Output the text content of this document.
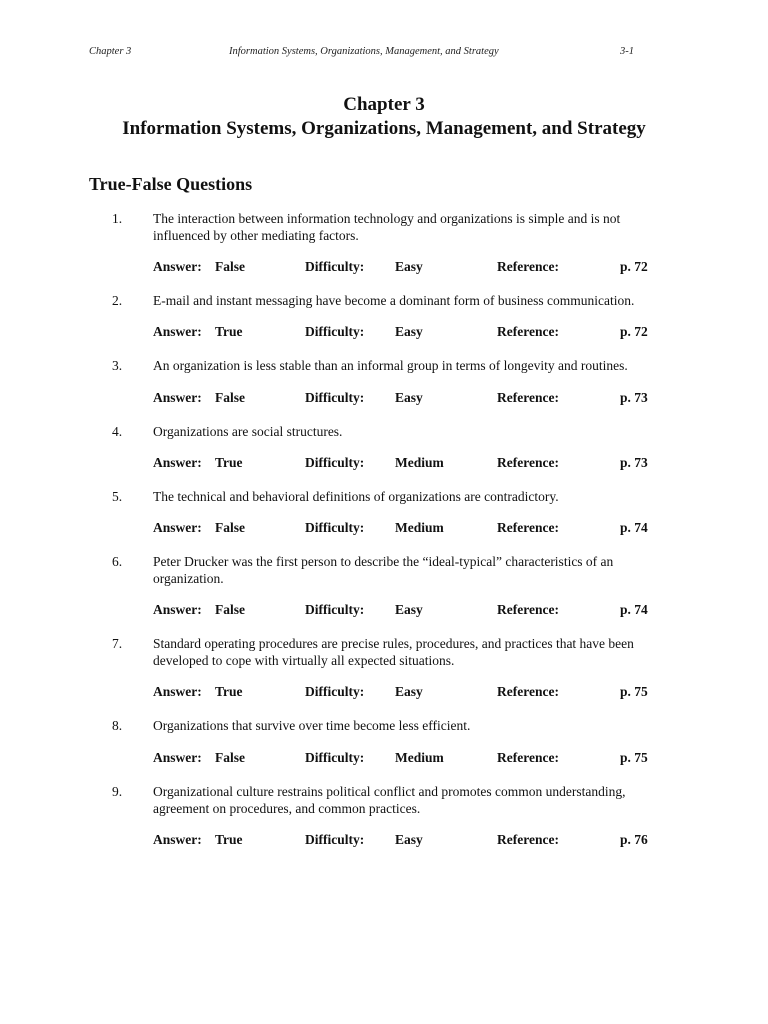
Chapter 3	Information Systems, Organizations, Management, and Strategy	3-1
Chapter 3
Information Systems, Organizations, Management, and Strategy
True-False Questions
1. The interaction between information technology and organizations is simple and is not influenced by other mediating factors.
Answer: False	Difficulty: Easy	Reference:	p. 72
2. E-mail and instant messaging have become a dominant form of business communication.
Answer: True	Difficulty: Easy	Reference:	p. 72
3. An organization is less stable than an informal group in terms of longevity and routines.
Answer: False	Difficulty: Easy	Reference:	p. 73
4. Organizations are social structures.
Answer: True	Difficulty: Medium	Reference:	p. 73
5. The technical and behavioral definitions of organizations are contradictory.
Answer: False	Difficulty: Medium	Reference:	p. 74
6. Peter Drucker was the first person to describe the “ideal-typical” characteristics of an organization.
Answer: False	Difficulty: Easy	Reference:	p. 74
7. Standard operating procedures are precise rules, procedures, and practices that have been developed to cope with virtually all expected situations.
Answer: True	Difficulty: Easy	Reference:	p. 75
8. Organizations that survive over time become less efficient.
Answer: False	Difficulty: Medium	Reference:	p. 75
9. Organizational culture restrains political conflict and promotes common understanding, agreement on procedures, and common practices.
Answer: True	Difficulty: Easy	Reference:	p. 76
